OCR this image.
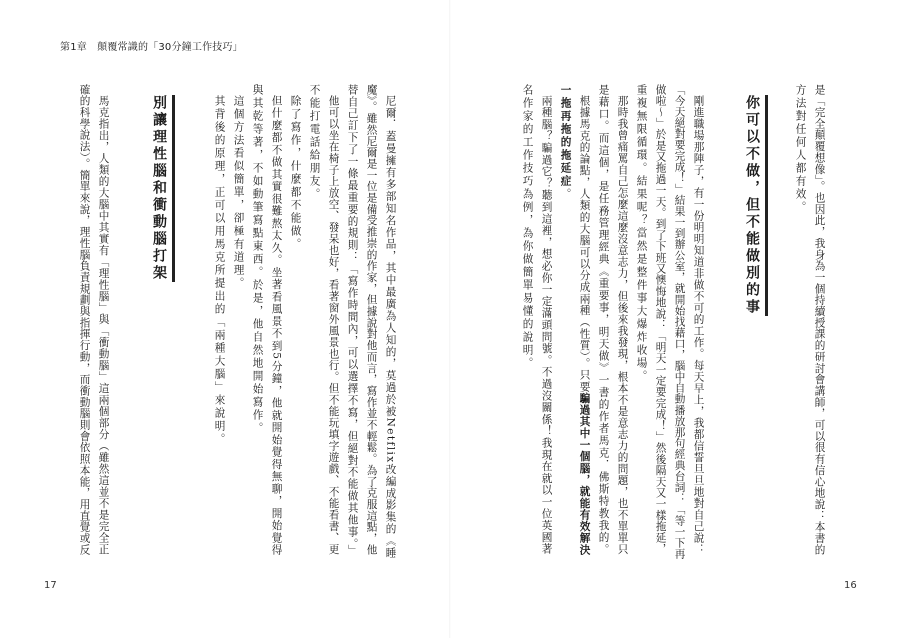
第1章　顛覆常識的「30分鐘工作技巧」
是「完全顛覆想像」。也因此，我身為一個持續授課的研討會講師，可以很有信心地說：本書的
方法對任何人都有效。
你可以不做，但不能做別的事
剛進職場那陣子，有一份明明知道非做不可的工作。每天早上，我都信誓旦旦地對自己說：
「今天絕對要完成！」結果一到辦公室，就開始找藉口，腦中自動播放那句經典台詞：「等一下再
做啦～」於是又拖過一天。到了下班又懊悔地說：「明天一定要完成！」然後隔天又一樣拖延，
重複無限循環。結果呢？當然是整件事大爆炸收場。
那時我曾痛罵自己怎麼這麼沒意志力，但後來我發現，根本不是意志力的問題，也不單單只
是藉口。而這個，是任務管理經典《重要事，明天做》一書的作者馬克．佛斯特教我的。
根據馬克的論點，人類的大腦可以分成兩種（性質）。只要騙過其中一個腦，就能有效解決
一拖再拖的拖延症。
兩種腦？騙過它？聽到這裡，想必你一定滿頭問號。不過沒關係！我現在就以一位英國著
名作家的工作技巧為例，為你做簡單易懂的說明。
尼爾．蓋曼擁有多部知名作品，其中最廣為人知的，莫過於被Netflix改編成影集的《睡
魔》。雖然尼爾是一位是備受推崇的作家，但據說對他而言，寫作並不輕鬆。為了克服這點，他
替自己訂下了一條最重要的規則：「寫作時間內，可以選擇不寫，但絕對不能做其他事。」
他可以坐在椅子上放空、發呆也好，看著窗外風景也行。但不能玩填字遊戲、不能看書、更
不能打電話給朋友。
除了寫作，什麼都不能做。
但什麼都不做其實很難熬太久。坐著看風景不到5分鐘，他就開始覺得無聊，開始覺得
與其乾等著，不如動筆寫點東西。於是，他自然地開始寫作。
這個方法看似簡單，卻極有道理。
其背後的原理，正可以用馬克所提出的「兩種大腦」來說明。
別讓理性腦和衝動腦打架
馬克指出，人類的大腦中其實有「理性腦」與「衝動腦」這兩個部分（雖然這並不是完全正
確的科學說法）。簡單來說，理性腦負責規劃與指揮行動，而衝動腦則會依照本能，用直覺或反
17	16
